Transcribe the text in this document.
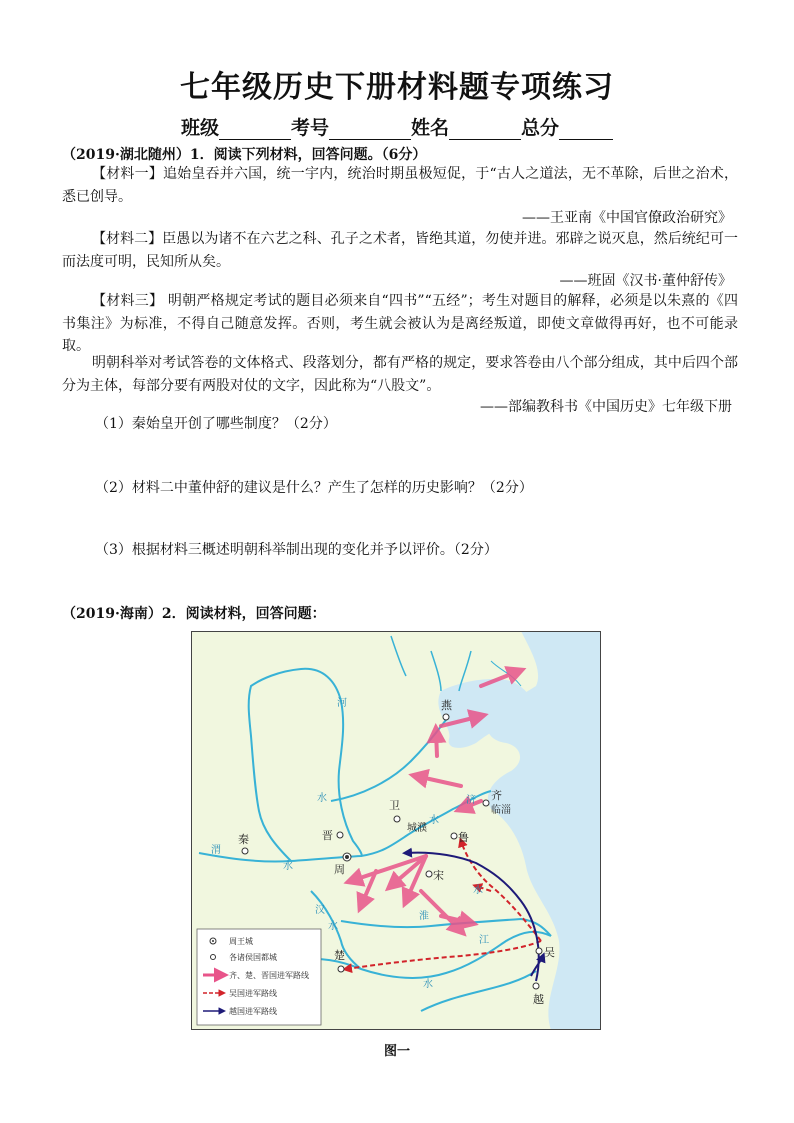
七年级历史下册材料题专项练习
班级	考号	姓名	总分
（2019·湖北随州）1．阅读下列材料，回答问题。（6分）
【材料一】追始皇吞并六国，统一宇内，统治时期虽极短促，于“古人之道法，无不革除，后世之治术，悉已创导。
——王亚南《中国官僚政治研究》
【材料二】臣愚以为诸不在六艺之科、孔子之术者，皆绝其道，勿使并进。邪辟之说灭息，然后统纪可一而法度可明，民知所从矣。
——班固《汉书·董仲舒传》
【材料三】 明朝严格规定考试的题目必须来自“四书”“五经”；考生对题目的解释，必须是以朱熹的《四书集注》为标准，不得自己随意发挥。否则，考生就会被认为是离经叛道，即使文章做得再好，也不可能录取。
明朝科举对考试答卷的文体格式、段落划分，都有严格的规定，要求答卷由八个部分组成，其中后四个部分为主体，每部分要有两股对仗的文字，因此称为“八股文”。
——部编教科书《中国历史》七年级下册
（1）秦始皇开创了哪些制度？（2分）
（2）材料二中董仲舒的建议是什么？产生了怎样的历史影响？（2分）
（3）根据材料三概述明朝科举制出现的变化并予以评价。（2分）
（2019·海南）2．阅读材料，回答问题：
燕
齐
临淄
鲁
卫
城濮
晋
秦
周	宋
楚	吴
越
河
水	济
水
渭
水
淮
水
汉
水
江
水
周王城
各诸侯国都城
齐、楚、晋国进军路线
吴国进军路线
越国进军路线
图一
